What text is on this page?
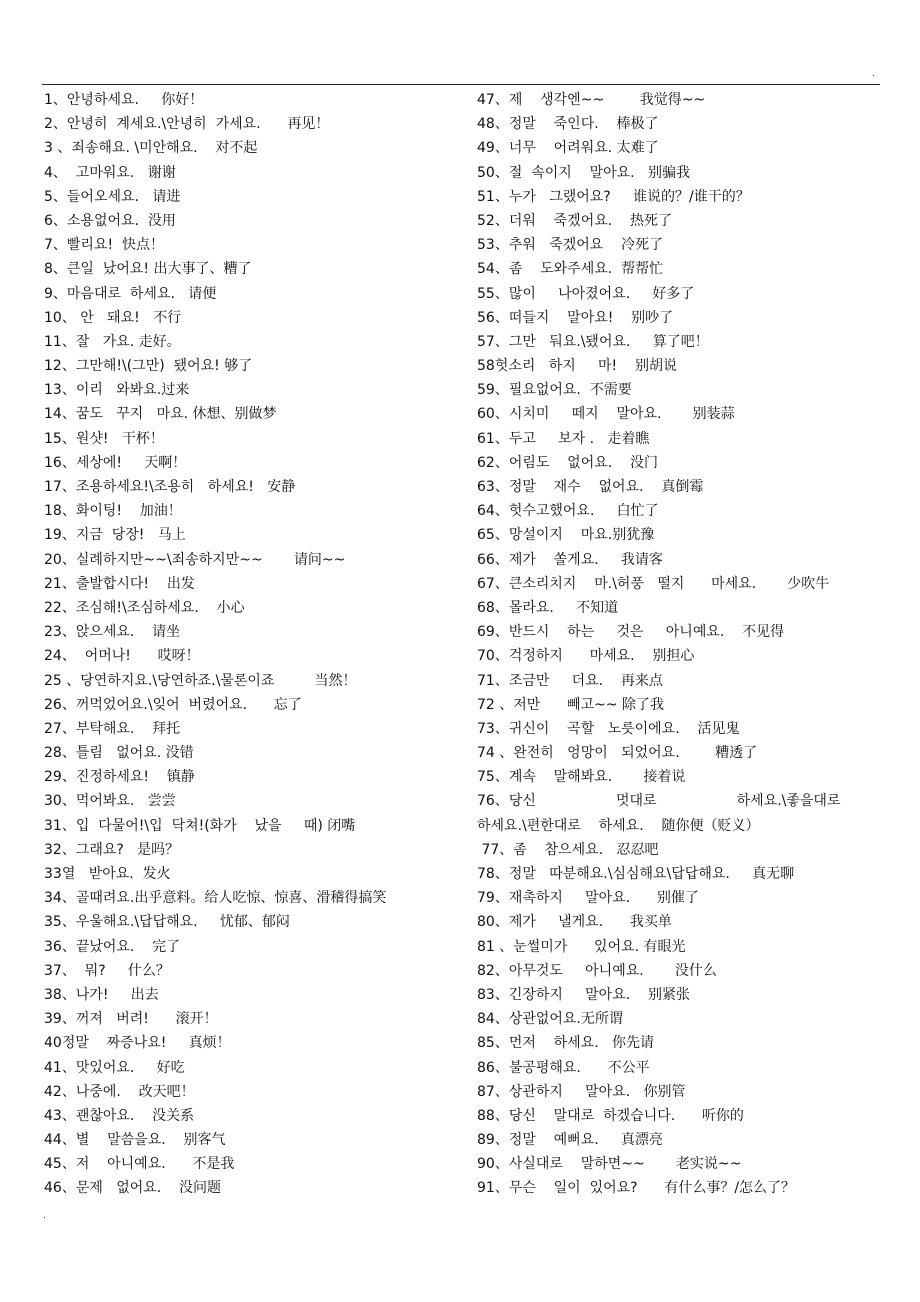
.
.
1、안녕하세요.     你好！
2、안녕히  계세요.\안녕히  가세요.      再见！
3 、죄송해요. \미안해요.    对不起
4、  고마워요.   谢谢
5、들어오세요.   请进
6、소용없어요.  没用
7、빨리요!  快点！
8、큰일  났어요! 出大事了、糟了
9、마음대로  하세요.   请便
10、 안   돼요!   不行
11、잘   가요. 走好。
12、그만해!\(그만)  됐어요! 够了
13、이리   와봐요.过来
14、꿈도   꾸지   마요. 休想、别做梦
15、원샷!   干杯！
16、세상에!     天啊！
17、조용하세요!\조용히   하세요!   安静
18、화이팅!    加油！
19、지금  당장!   马上
20、실례하지만~~\죄송하지만~~       请问~~
21、출발합시다!    出发
22、조심해!\조심하세요.    小心
23、앉으세요.    请坐
24、  어머나!      哎呀！
25 、당연하지요.\당연하죠.\물론이죠         当然！
26、꺼먹었어요.\잊어  버렸어요.      忘了
27、부탁해요.    拜托
28、틀림   없어요. 没错
29、진정하세요!    镇静
30、먹어봐요.   尝尝
31、입  다물어!\입  닥쳐!(화가    났을     때) 闭嘴
32、그래요?   是吗？
33열   받아요.  发火
34、골때려요.出乎意料。给人吃惊、惊喜、滑稽得搞笑
35、우울해요.\답답해요.     忧郁、郁闷
36、끝났어요.    完了
37、  뭐?     什么？
38、나가!     出去
39、꺼져   버려!      滚开！
40정말    짜증나요!     真烦！
41、맛있어요.     好吃
42、나중에.    改天吧！
43、괜찮아요.    没关系
44、별    말씀을요.    别客气
45、저    아니예요.      不是我
46、문제   없어요.    没问题
47、제    생각엔~~        我觉得~~
48、정말    죽인다.    棒极了
49、너무    어려워요. 太难了
50、절  속이지    말아요.   别骗我
51、누가   그랬어요?     谁说的？/谁干的？
52、더워    죽겠어요.    热死了
53、추워   죽겠어요    冷死了
54、좀    도와주세요.  帮帮忙
55、많이     나아졌어요.     好多了
56、떠들지    말아요!    别吵了
57、그만   둬요.\됐어요.     算了吧！
58헛소리   하지     마!    别胡说
59、필요없어요.  不需要
60、시치미     떼지    말아요.       别装蒜
61、두고     보자 .   走着瞧
62、어림도    없어요.    没门
63、정말    재수    없어요.    真倒霉
64、헛수고했어요.     白忙了
65、망설이지    마요.别犹豫
66、제가    쏠게요.     我请客
67、큰소리치지    마.\허풍   떨지      마세요.       少吹牛
68、몰라요.     不知道
69、반드시    하는     것은     아니예요.    不见得
70、걱정하지      마세요.    别担心
71、조금만     더요.    再来点
72 、저만      빼고~~ 除了我
73、귀신이    곡할   노릇이에요.    活见鬼
74 、완전히   엉망이   되었어요.        糟透了
75、계속    말해봐요.       接着说
76、당신                  멋대로                  하세요.\좋을대로
하세요.\편한대로    하세요.    随你便（贬义）
77、좀    참으세요.   忍忍吧
78、정말   따분해요.\심심해요\답답해요.     真无聊
79、재촉하지     말아요.      别催了
80、제가     낼게요.      我买单
81 、눈썰미가      있어요. 有眼光
82、아무것도     아니예요.       没什么
83、긴장하지     말아요.    别紧张
84、상관없어요.无所谓
85、먼저    하세요.   你先请
86、불공평해요.      不公平
87、상관하지     말아요.   你别管
88、당신    말대로  하겠습니다.      听你的
89、정말    예뻐요.     真漂亮
90、사실대로    말하면~~       老实说~~
91、무슨    일이  있어요?      有什么事？/怎么了？
